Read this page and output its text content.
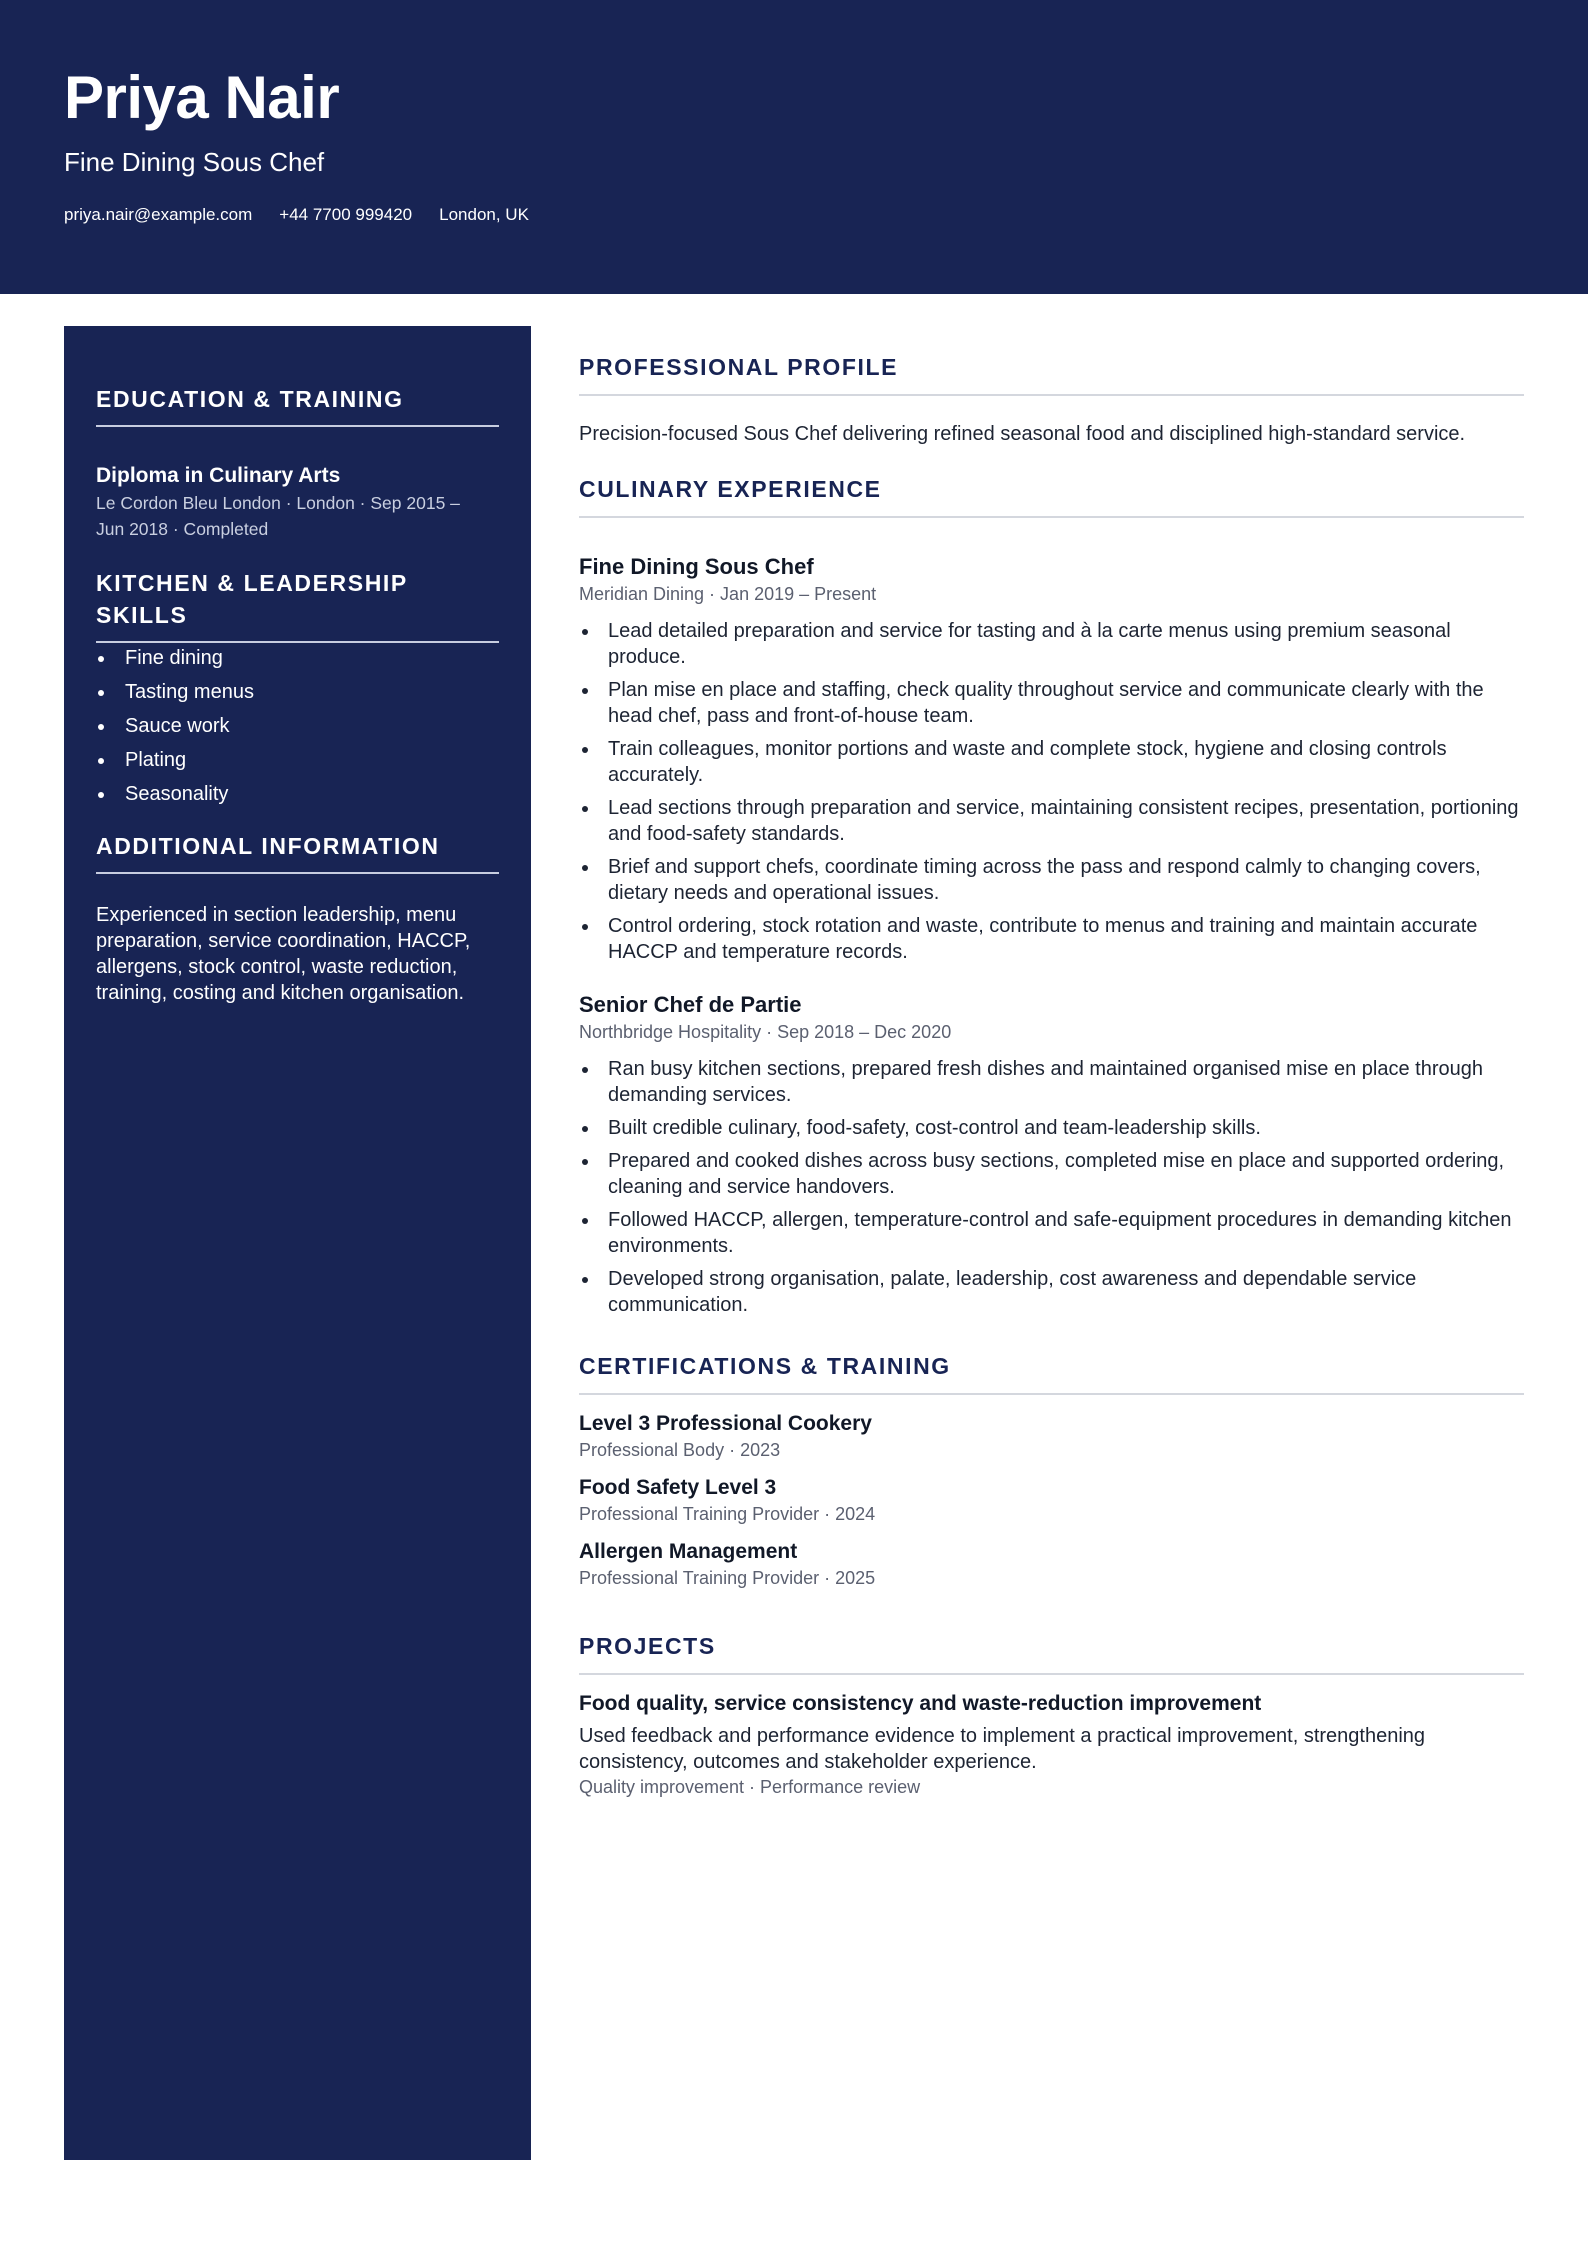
Priya Nair

Fine Dining Sous Chef

priya.nair@example.com +44 7700 999420 London, UK
EDUCATION & TRAINING

Diploma in Culinary Arts

Le Cordon Bleu London · London · Sep 2015 –

Jun 2018 · Completed

KITCHEN & LEADERSHIP SKILLS
Fine dining
Tasting menus
Sauce work
Plating
Seasonality
ADDITIONAL INFORMATION

Experienced in section leadership, menu preparation, service coordination, HACCP, allergens, stock control, waste reduction, training, costing and kitchen organisation.

PROFESSIONAL PROFILE

Precision-focused Sous Chef delivering refined seasonal food and disciplined high-standard service.

CULINARY EXPERIENCE

Fine Dining Sous Chef

Meridian Dining · Jan 2019 – Present

Lead detailed preparation and service for tasting and à la carte menus using premium seasonal produce.
Plan mise en place and staffing, check quality throughout service and communicate clearly with the head chef, pass and front-of-house team.
Train colleagues, monitor portions and waste and complete stock, hygiene and closing controls accurately.
Lead sections through preparation and service, maintaining consistent recipes, presentation, portioning and food-safety standards.
Brief and support chefs, coordinate timing across the pass and respond calmly to changing covers, dietary needs and operational issues.
Control ordering, stock rotation and waste, contribute to menus and training and maintain accurate HACCP and temperature records.

Senior Chef de Partie

Northbridge Hospitality · Sep 2018 – Dec 2020

Ran busy kitchen sections, prepared fresh dishes and maintained organised mise en place through demanding services.
Built credible culinary, food-safety, cost-control and team-leadership skills.
Prepared and cooked dishes across busy sections, completed mise en place and supported ordering, cleaning and service handovers.
Followed HACCP, allergen, temperature-control and safe-equipment procedures in demanding kitchen environments.
Developed strong organisation, palate, leadership, cost awareness and dependable service communication.
CERTIFICATIONS & TRAINING

Level 3 Professional Cookery

Professional Body · 2023

Food Safety Level 3

Professional Training Provider · 2024

Allergen Management

Professional Training Provider · 2025

PROJECTS

Food quality, service consistency and waste-reduction improvement

Used feedback and performance evidence to implement a practical improvement, strengthening consistency, outcomes and stakeholder experience.

Quality improvement · Performance review
